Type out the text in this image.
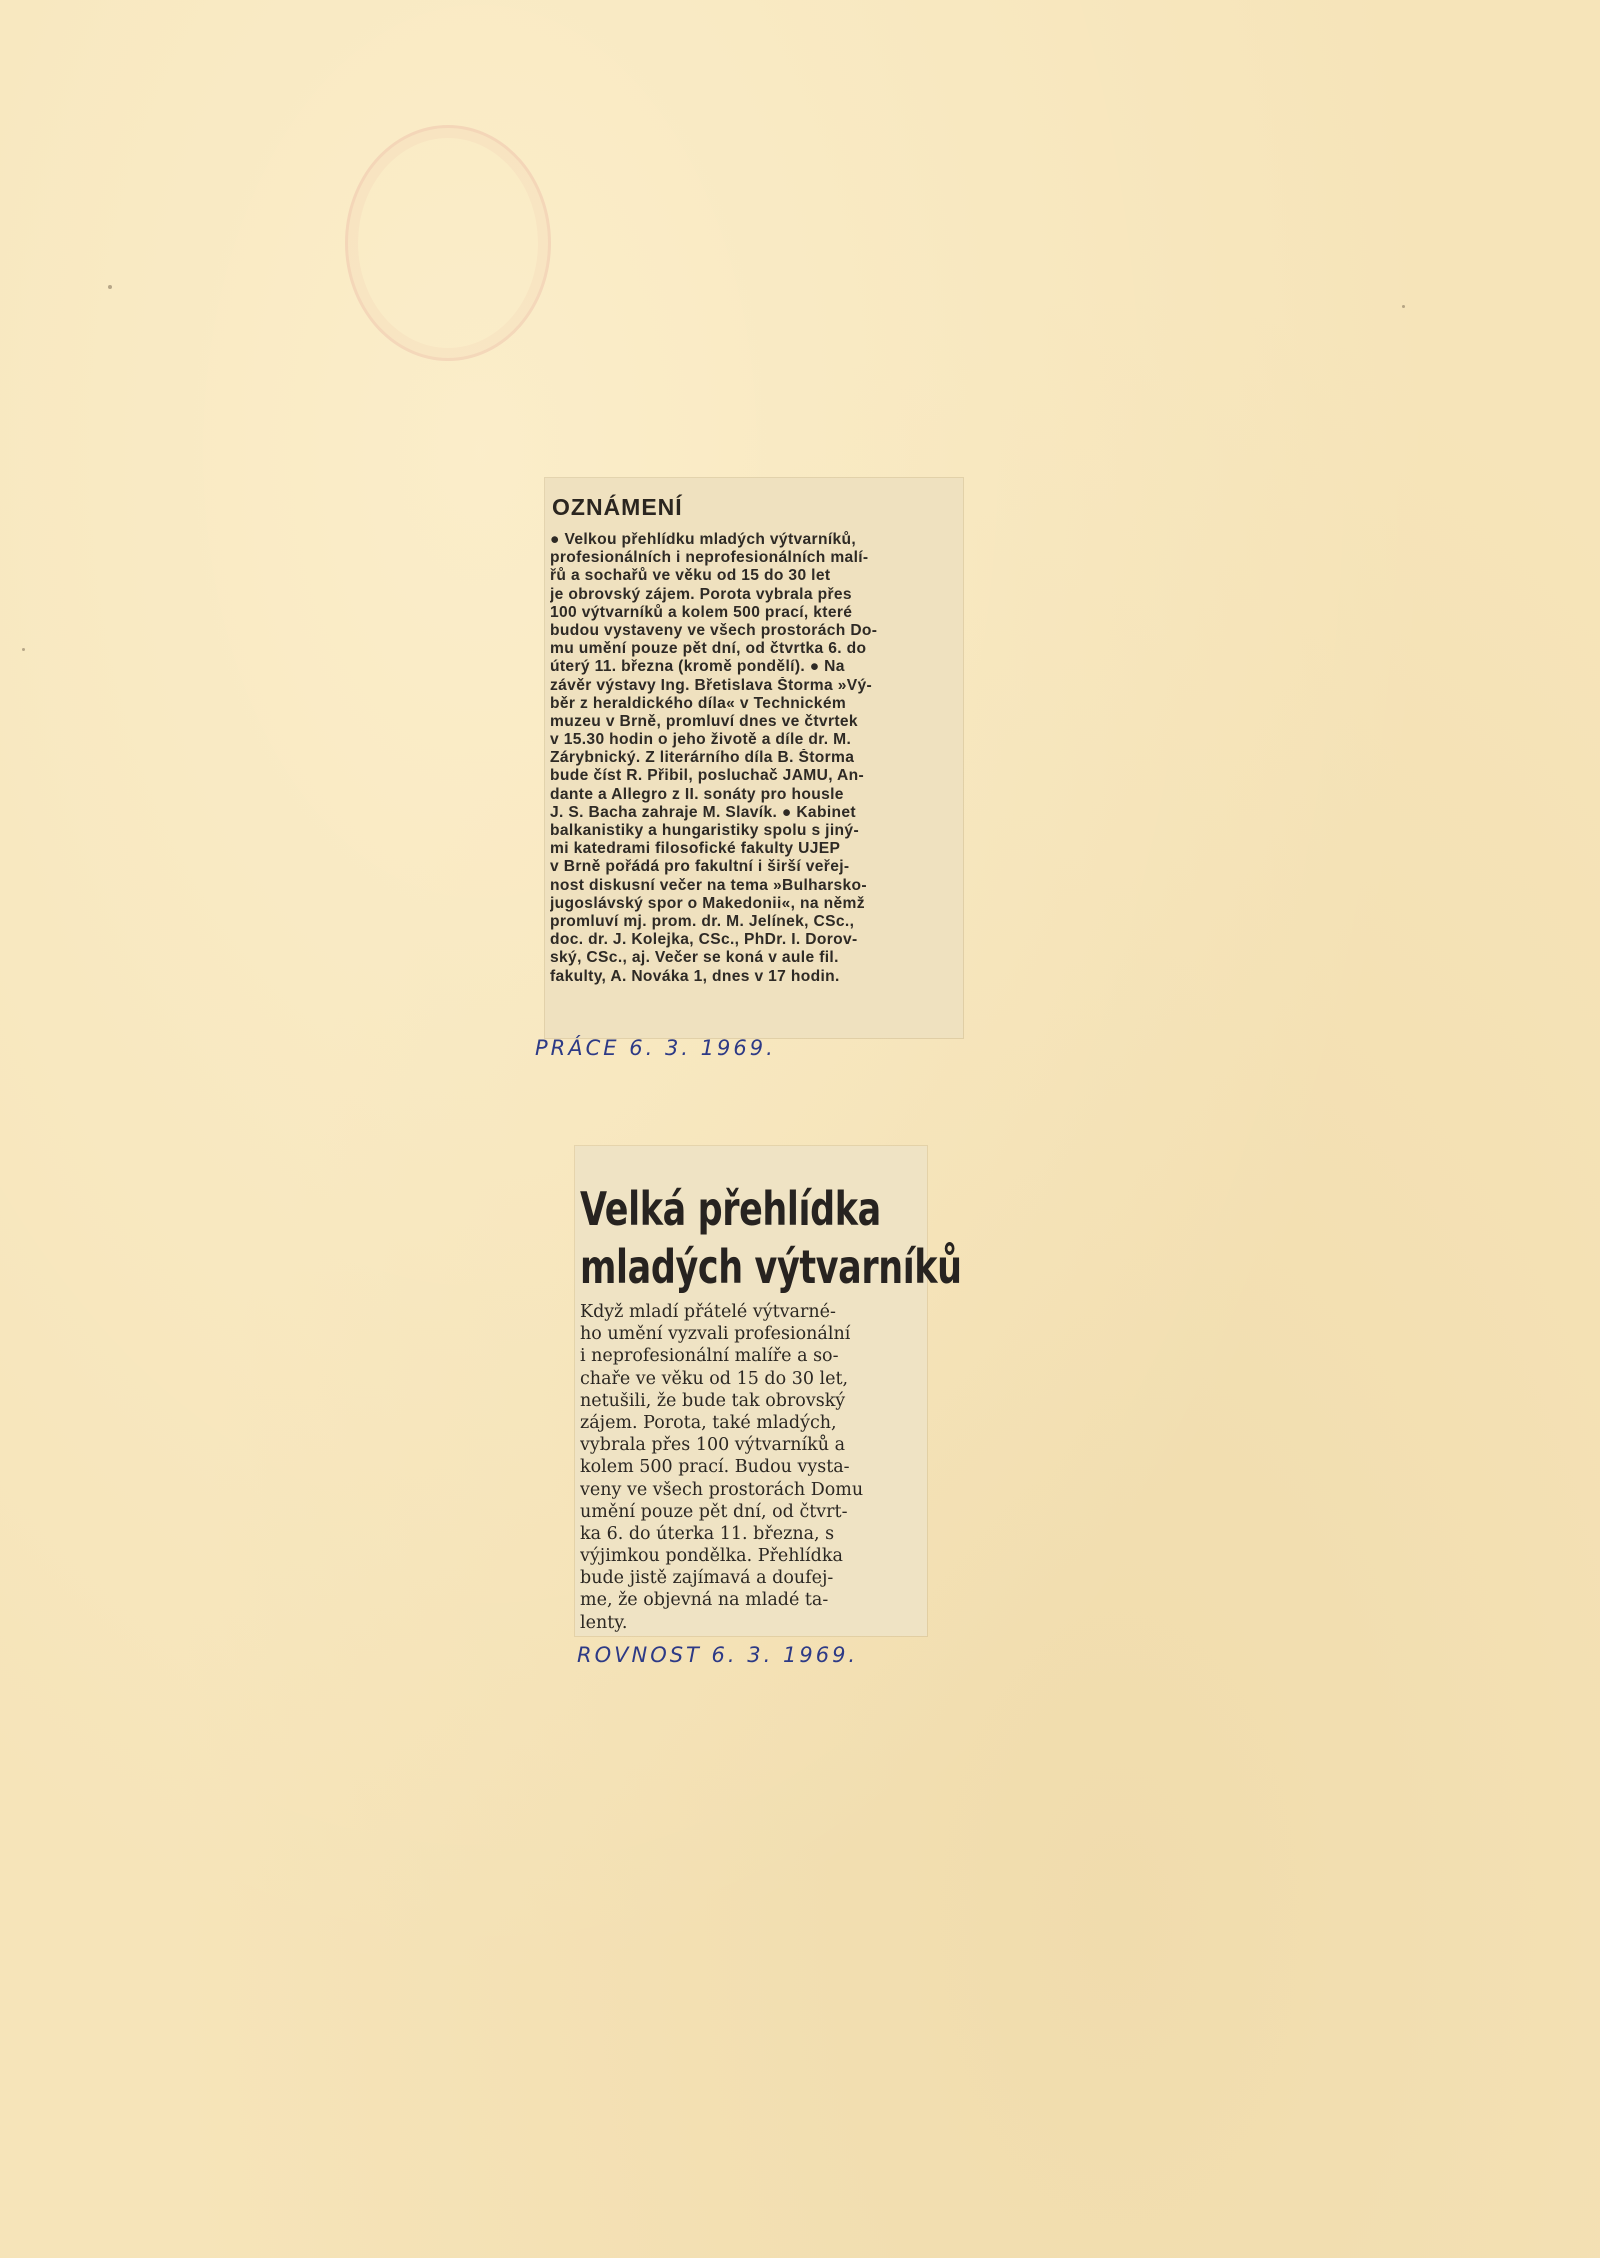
OZNÁMENÍ
● Velkou přehlídku mladých výtvarníků,
profesionálních i neprofesionálních malí-
řů a sochařů ve věku od 15 do 30 let
je obrovský zájem. Porota vybrala přes
100 výtvarníků a kolem 500 prací, které
budou vystaveny ve všech prostorách Do-
mu umění pouze pět dní, od čtvrtka 6. do
úterý 11. března (kromě pondělí). ● Na
závěr výstavy Ing. Břetislava Štorma »Vý-
běr z heraldického díla« v Technickém
muzeu v Brně, promluví dnes ve čtvrtek
v 15.30 hodin o jeho životě a díle dr. M.
Zárybnický. Z literárního díla B. Štorma
bude číst R. Přibil, posluchač JAMU, An-
dante a Allegro z II. sonáty pro housle
J. S. Bacha zahraje M. Slavík. ● Kabinet
balkanistiky a hungaristiky spolu s jiný-
mi katedrami filosofické fakulty UJEP
v Brně pořádá pro fakultní i širší veřej-
nost diskusní večer na tema »Bulharsko-
jugoslávský spor o Makedonii«, na němž
promluví mj. prom. dr. M. Jelínek, CSc.,
doc. dr. J. Kolejka, CSc., PhDr. I. Dorov-
ský, CSc., aj. Večer se koná v aule fil.
fakulty, A. Nováka 1, dnes v 17 hodin.
PRÁCE 6. 3. 1969.
Velká přehlídka
mladých výtvarníků
Když mladí přátelé výtvarné-
ho umění vyzvali profesionální
i neprofesionální malíře a so-
chaře ve věku od 15 do 30 let,
netušili, že bude tak obrovský
zájem. Porota, také mladých,
vybrala přes 100 výtvarníků a
kolem 500 prací. Budou vysta-
veny ve všech prostorách Domu
umění pouze pět dní, od čtvrt-
ka 6. do úterka 11. března, s
výjimkou pondělka. Přehlídka
bude jistě zajímavá a doufej-
me, že objevná na mladé ta-
lenty.
ROVNOST 6. 3. 1969.
